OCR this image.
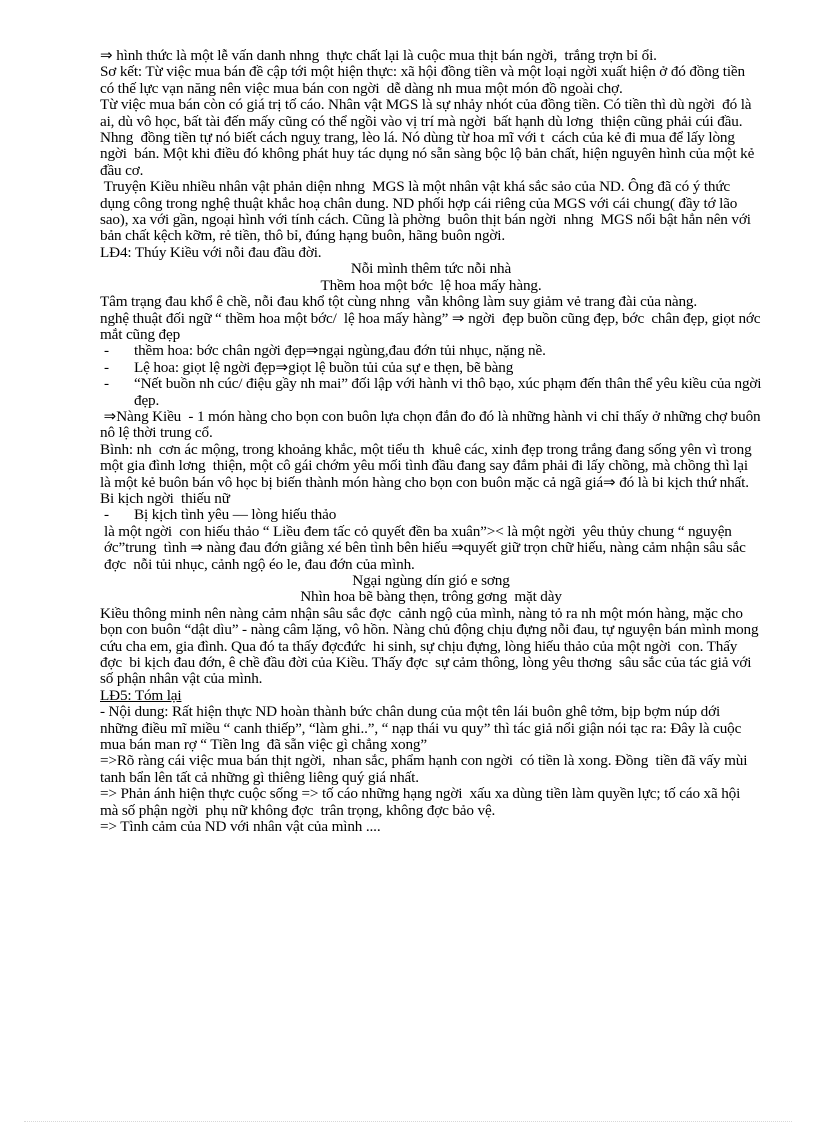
⇒ hình thức là một lễ vấn danh nhng  thực chất lại là cuộc mua thịt bán ngời,  trắng trợn bỉ ổi.

Sơ kết: Từ việc mua bán đề cập tới một hiện thực: xã hội đồng tiền và một loại ngời xuất hiện ở đó đồng tiền có thế lực vạn năng nên việc mua bán con ngời  dễ dàng nh mua một món đồ ngoài chợ.

Từ việc mua bán còn có giá trị tố cáo. Nhân vật MGS là sự nhảy nhót của đồng tiền. Có tiền thì dù ngời  đó là ai, dù vô học, bất tài đến mấy cũng có thể ngồi vào vị trí mà ngời  bất hạnh dù lơng  thiện cũng phải cúi đầu.

Nhng  đồng tiền tự nó biết cách nguỵ trang, lèo lá. Nó dùng từ hoa mĩ với t  cách của kẻ đi mua để lấy lòng ngời  bán. Một khi điều đó không phát huy tác dụng nó sẵn sàng bộc lộ bản chất, hiện nguyên hình của một kẻ đầu cơ.

Truyện Kiều nhiều nhân vật phản diện nhng  MGS là một nhân vật khá sắc sảo của ND. Ông đã có ý thức dụng công trong nghệ thuật khắc hoạ chân dung. ND phối hợp cái riêng của MGS với cái chung( đầy tớ lão sao), xa với gần, ngoại hình với tính cách. Cũng là phờng  buôn thịt bán ngời  nhng  MGS nổi bật hẳn nên với bản chất kệch kỡm, rẻ tiền, thô bỉ, đúng hạng buôn, hãng buôn ngời.

LĐ4: Thúy Kiều với nỗi đau đầu đời.

Nỗi mình thêm tức nỗi nhà

Thềm hoa một bớc  lệ hoa mấy hàng.

Tâm trạng đau khổ ê chề, nỗi đau khổ tột cùng nhng  vẫn không làm suy giảm vẻ trang đài của nàng.

nghệ thuật đối ngữ “ thềm hoa một bớc/  lệ hoa mấy hàng” ⇒ ngời  đẹp buồn cũng đẹp, bớc  chân đẹp, giọt nớc  mắt cũng đẹp

-	thềm hoa: bớc chân ngời đẹp⇒ngại ngùng,đau đớn tủi nhục, nặng nề.
-	Lệ hoa: giọt lệ ngời đẹp⇒giọt lệ buồn tủi của sự e thẹn, bẽ bàng
-	“Nết buồn nh cúc/ điệu gầy nh mai” đối lập với hành vi thô bạo, xúc phạm đến thân thể yêu kiều của ngời đẹp.

⇒Nàng Kiều  - 1 món hàng cho bọn con buôn lựa chọn đắn đo đó là những hành vi chỉ thấy ở những chợ buôn nô lệ thời trung cổ.

Bình: nh  cơn ác mộng, trong khoảng khắc, một tiểu th  khuê các, xinh đẹp trong trắng đang sống yên vì trong một gia đình lơng  thiện, một cô gái chớm yêu mối tình đầu đang say đắm phải đi lấy chồng, mà chồng thì lại là một kẻ buôn bán vô học bị biến thành món hàng cho bọn con buôn mặc cả ngã giá⇒ đó là bi kịch thứ nhất. Bi kịch ngời  thiếu nữ

-	Bị kịch tình yêu — lòng hiếu thảo

là một ngời  con hiếu thảo “ Liều đem tấc cỏ quyết đền ba xuân”>< là một ngời  yêu thủy chung “ nguyện ớc”trung  tình ⇒ nàng đau đớn giằng xé bên tình bên hiếu ⇒quyết giữ trọn chữ hiếu, nàng cảm nhận sâu sắc đợc  nỗi tủi nhục, cảnh ngộ éo le, đau đớn của mình.

Ngại ngùng dín gió e sơng

Nhìn hoa bẽ bàng thẹn, trông gơng  mặt dày

Kiều thông minh nên nàng cảm nhận sâu sắc đợc  cảnh ngộ của mình, nàng tỏ ra nh một món hàng, mặc cho bọn con buôn “dật dìu” - nàng câm lặng, vô hồn. Nàng chủ động chịu đựng nỗi đau, tự nguyện bán mình mong cứu cha em, gia đình. Qua đó ta thấy đợcđức  hi sinh, sự chịu đựng, lòng hiếu thảo của một ngời  con. Thấy đợc  bi kịch đau đớn, ê chề đầu đời của Kiều. Thấy đợc  sự cảm thông, lòng yêu thơng  sâu sắc của tác giả với số phận nhân vật của mình.

LĐ5: Tóm lại

- Nội dung: Rất hiện thực ND hoàn thành bức chân dung của một tên lái buôn ghê tởm, bịp bợm núp dới  những điều mĩ miều “ canh thiếp”, “làm ghi..”, “ nạp thái vu quy” thì tác giả nổi giận nói tạc ra: Đây là cuộc mua bán man rợ “ Tiền lng  đã sẵn việc gì chẳng xong”

=>Rõ ràng cái việc mua bán thịt ngời,  nhan sắc, phẩm hạnh con ngời  có tiền là xong. Đồng  tiền đã vấy mùi tanh bẩn lên tất cả những gì thiêng liêng quý giá nhất.

=> Phản ánh hiện thực cuộc sống => tố cáo những hạng ngời  xấu xa dùng tiền làm quyền lực; tố cáo xã hội mà số phận ngời  phụ nữ không đợc  trân trọng, không đợc bảo vệ.

=> Tình cảm của ND với nhân vật của mình ....
